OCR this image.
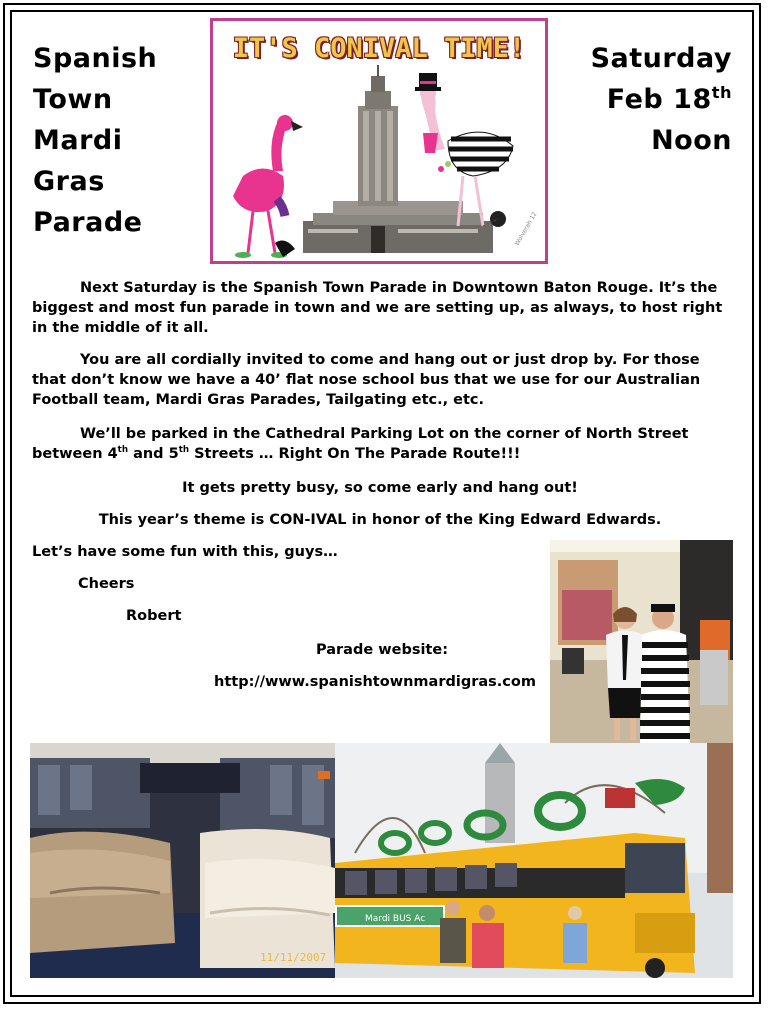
Spanish
Town
Mardi
Gras
Parade
Saturday
Feb 18th
Noon
IT'S CONIVAL TIME!
Wolverah 12

Next Saturday is the Spanish Town Parade in Downtown Baton Rouge. It’s the biggest and most fun parade in town and we are setting up, as always, to host right in the middle of it all.

You are all cordially invited to come and hang out or just drop by. For those that don’t know we have a 40’ flat nose school bus that we use for our Australian Football team, Mardi Gras Parades, Tailgating etc., etc.

We’ll be parked in the Cathedral Parking Lot on the corner of North Street between 4th and 5th Streets … Right On The Parade Route!!!

It gets pretty busy, so come early and hang out!

This year’s theme is CON-IVAL in honor of the King Edward Edwards.

Let’s have some fun with this, guys…

Cheers
Robert
Parade website:
http://www.spanishtownmardigras.com
11/11/2007
Mardi BUS Ac
